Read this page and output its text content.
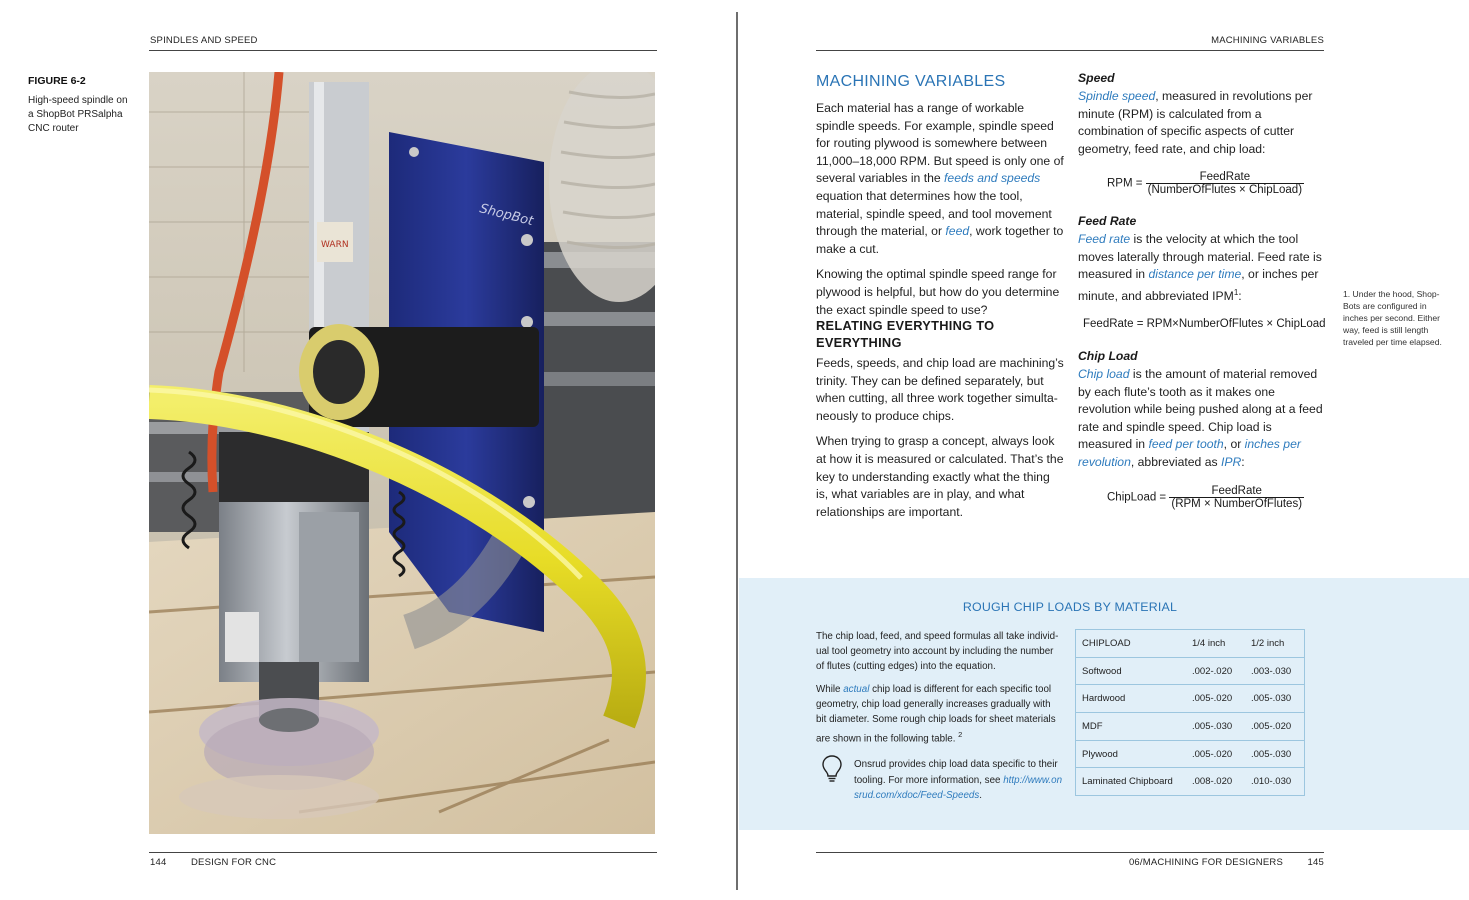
SPINDLES AND SPEED
FIGURE 6-2
High-speed spindle on a ShopBot PRSalpha CNC router
WARN
ShopBot
144	DESIGN FOR CNC
MACHINING VARIABLES
MACHINING VARIABLES

Each material has a range of workable spindle speeds. For example, spindle speed for routing plywood is somewhere between 11,000–18,000 RPM. But speed is only one of several variables in the feeds and speeds equation that determines how the tool, material, spindle speed, and tool movement through the material, or feed, work together to make a cut.

Knowing the optimal spindle speed range for plywood is helpful, but how do you determine the exact spindle speed to use?

RELATING EVERYTHING TO EVERYTHING

Feeds, speeds, and chip load are machining’s trinity. They can be defined separately, but when cutting, all three work together simultaneously to produce chips.

When trying to grasp a concept, always look at how it is measured or calculated. That’s the key to understanding exactly what the thing is, what variables are in play, and what relationships are important.

Speed
Spindle speed, measured in revolutions per minute (RPM) is calculated from a combination of specific aspects of cutter geometry, feed rate, and chip load:
RPM = $\frac{\text{FeedRate}}{\text{(NumberOfFlutes × ChipLoad)}}$
Feed Rate
Feed rate is the velocity at which the tool moves laterally through material. Feed rate is measured in distance per time, or inches per minute, and abbreviated IPM$^1$:
FeedRate = RPM×NumberOfFlutes × ChipLoad
Chip Load
Chip load is the amount of material removed by each flute’s tooth as it makes one revolution while being pushed along at a feed rate and spindle speed. Chip load is measured in feed per tooth, or inches per revolution, abbreviated as IPR:
ChipLoad = $\frac{\text{FeedRate}}{\text{(RPM × NumberOfFlutes)}}$
1. Under the hood, ShopBots are configured in inches per second. Either way, feed is still length traveled per time elapsed.
ROUGH CHIP LOADS BY MATERIAL

The chip load, feed, and speed formulas all take individual tool geometry into account by including the number of flutes (cutting edges) into the equation.

While actual chip load is different for each specific tool geometry, chip load generally increases gradually with bit diameter. Some rough chip loads for sheet materials are shown in the following table. $^2$

Onsrud provides chip load data specific to their tooling. For more information, see http://www.onsrud.com/xdoc/Feed-Speeds.
CHIPLOAD	1/4 inch	1/2 inch
Softwood	.002-.020	.003-.030
Hardwood	.005-.020	.005-.030
MDF	.005-.030	.005-.020
Plywood	.005-.020	.005-.030
Laminated Chipboard	.008-.020	.010-.030
06/MACHINING FOR DESIGNERS	145
